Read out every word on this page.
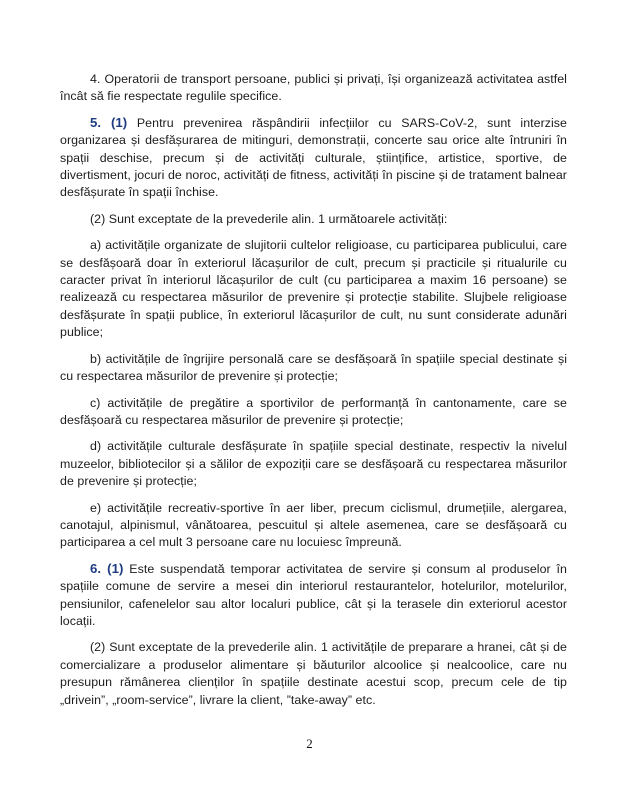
4. Operatorii de transport persoane, publici și privați, își organizează activitatea astfel încât să fie respectate regulile specifice.

5. (1) Pentru prevenirea răspândirii infecțiilor cu SARS-CoV-2, sunt interzise organizarea și desfășurarea de mitinguri, demonstrații, concerte sau orice alte întruniri în spații deschise, precum și de activități culturale, științifice, artistice, sportive, de divertisment, jocuri de noroc, activități de fitness, activități în piscine și de tratament balnear desfășurate în spații închise.

(2) Sunt exceptate de la prevederile alin. 1 următoarele activități:

a) activitățile organizate de slujitorii cultelor religioase, cu participarea publicului, care se desfășoară doar în exteriorul lăcașurilor de cult, precum și practicile și ritualurile cu caracter privat în interiorul lăcașurilor de cult (cu participarea a maxim 16 persoane) se realizează cu respectarea măsurilor de prevenire și protecție stabilite. Slujbele religioase desfășurate în spații publice, în exteriorul lăcașurilor de cult, nu sunt considerate adunări publice;

b) activitățile de îngrijire personală care se desfășoară în spațiile special destinate și cu respectarea măsurilor de prevenire și protecție;

c) activitățile de pregătire a sportivilor de performanță în cantonamente, care se desfășoară cu respectarea măsurilor de prevenire și protecție;

d) activitățile culturale desfășurate în spațiile special destinate, respectiv la nivelul muzeelor, bibliotecilor și a sălilor de expoziții care se desfășoară cu respectarea măsurilor de prevenire și protecție;

e) activitățile recreativ-sportive în aer liber, precum ciclismul, drumețiile, alergarea, canotajul, alpinismul, vânătoarea, pescuitul și altele asemenea, care se desfășoară cu participarea a cel mult 3 persoane care nu locuiesc împreună.

6. (1) Este suspendată temporar activitatea de servire și consum al produselor în spațiile comune de servire a mesei din interiorul restaurantelor, hotelurilor, motelurilor, pensiunilor, cafenelelor sau altor localuri publice, cât și la terasele din exteriorul acestor locații.

(2) Sunt exceptate de la prevederile alin. 1 activitățile de preparare a hranei, cât și de comercializare a produselor alimentare și băuturilor alcoolice și nealcoolice, care nu presupun rămânerea clienților în spațiile destinate acestui scop, precum cele de tip „drivein”, „room-service”, livrare la client, ”take-away” etc.

2
